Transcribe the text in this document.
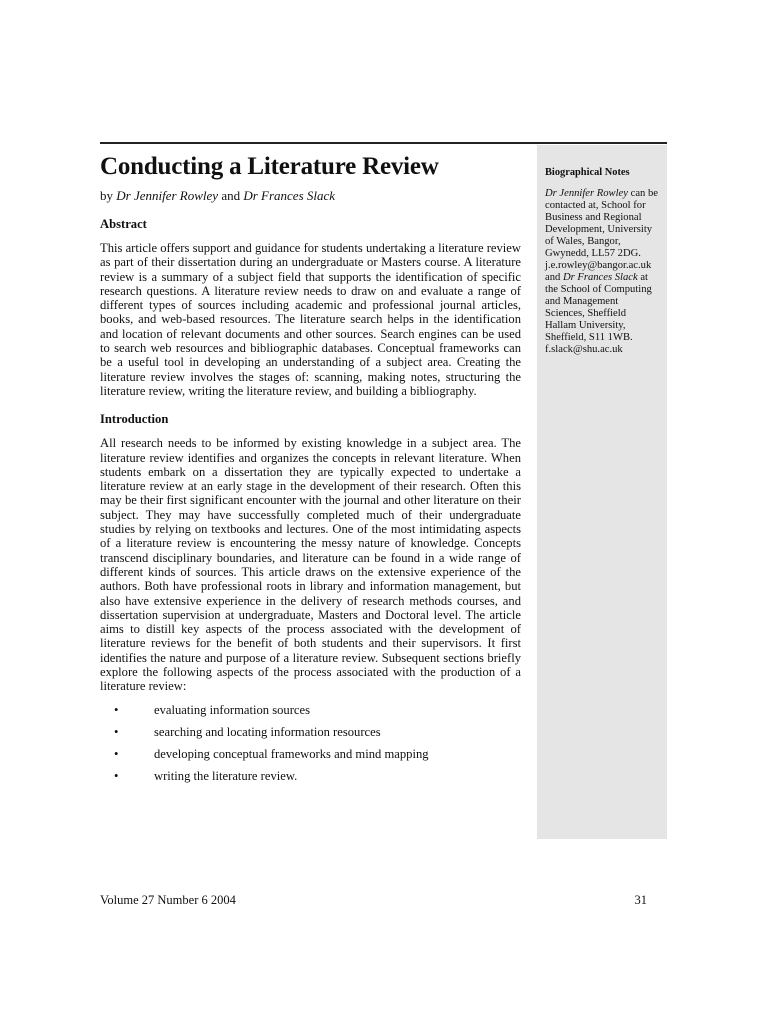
Conducting a Literature Review
by Dr Jennifer Rowley and Dr Frances Slack
Abstract
This article offers support and guidance for students undertaking a literature review as part of their dissertation during an undergraduate or Masters course. A literature review is a summary of a subject field that supports the identification of specific research questions. A literature review needs to draw on and evaluate a range of different types of sources including academic and professional journal articles, books, and web-based resources. The literature search helps in the identification and location of relevant documents and other sources. Search engines can be used to search web resources and bibliographic databases. Conceptual frameworks can be a useful tool in developing an understanding of a subject area. Creating the literature review involves the stages of: scanning, making notes, structuring the literature review, writing the literature review, and building a bibliography.
Introduction
All research needs to be informed by existing knowledge in a subject area. The literature review identifies and organizes the concepts in relevant literature. When students embark on a dissertation they are typically expected to undertake a literature review at an early stage in the development of their research. Often this may be their first significant encounter with the journal and other literature on their subject. They may have successfully completed much of their undergraduate studies by relying on textbooks and lectures. One of the most intimidating aspects of a literature review is encountering the messy nature of knowledge. Concepts transcend disciplinary boundaries, and literature can be found in a wide range of different kinds of sources. This article draws on the extensive experience of the authors. Both have professional roots in library and information management, but also have extensive experience in the delivery of research methods courses, and dissertation supervision at undergraduate, Masters and Doctoral level. The article aims to distill key aspects of the process associated with the development of literature reviews for the benefit of both students and their supervisors. It first identifies the nature and purpose of a literature review. Subsequent sections briefly explore the following aspects of the process associated with the production of a literature review:
•	evaluating information sources
•	searching and locating information resources
•	developing conceptual frameworks and mind mapping
•	writing the literature review.
Biographical Notes

Dr Jennifer Rowley can be contacted at, School for Business and Regional Development, University of Wales, Bangor, Gwynedd, LL57 2DG.

j.e.rowley@bangor.ac.uk

and Dr Frances Slack at the School of Computing and Management Sciences, Sheffield Hallam University, Sheffield, S11 1WB.

f.slack@shu.ac.uk

Volume 27 Number 6 2004	31
